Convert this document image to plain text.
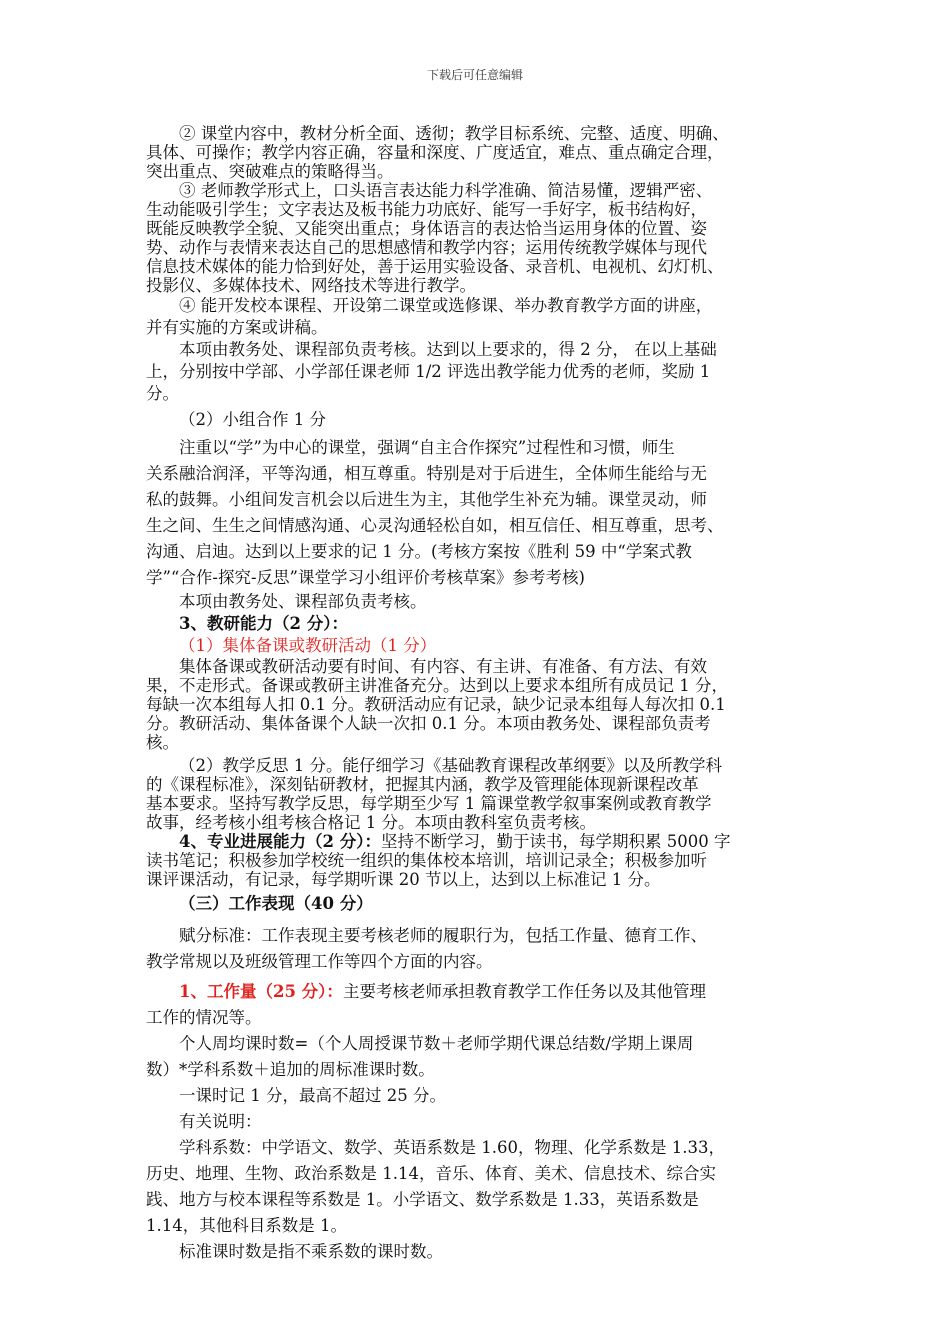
下载后可任意编辑
② 课堂内容中，教材分析全面、透彻；教学目标系统、完整、适度、明确、
具体、可操作；教学内容正确，容量和深度、广度适宜，难点、重点确定合理，
突出重点、突破难点的策略得当。
③ 老师教学形式上，口头语言表达能力科学准确、简洁易懂，逻辑严密、
生动能吸引学生；文字表达及板书能力功底好、能写一手好字，板书结构好，
既能反映教学全貌、又能突出重点；身体语言的表达恰当运用身体的位置、姿
势、动作与表情来表达自己的思想感情和教学内容；运用传统教学媒体与现代
信息技术媒体的能力恰到好处，善于运用实验设备、录音机、电视机、幻灯机、
投影仪、多媒体技术、网络技术等进行教学。
④ 能开发校本课程、开设第二课堂或选修课、举办教育教学方面的讲座，
并有实施的方案或讲稿。
本项由教务处、课程部负责考核。达到以上要求的，得 2 分， 在以上基础
上，分别按中学部、小学部任课老师 1/2 评选出教学能力优秀的老师，奖励 1
分。
（2）小组合作 1 分
注重以“学”为中心的课堂，强调“自主合作探究”过程性和习惯，师生
关系融洽润泽，平等沟通，相互尊重。特别是对于后进生，全体师生能给与无
私的鼓舞。小组间发言机会以后进生为主，其他学生补充为辅。课堂灵动，师
生之间、生生之间情感沟通、心灵沟通轻松自如，相互信任、相互尊重，思考、
沟通、启迪。达到以上要求的记 1 分。(考核方案按《胜利 59 中“学案式教
学”“合作-探究-反思”课堂学习小组评价考核草案》参考考核)
本项由教务处、课程部负责考核。
3、教研能力（2 分）：
（1）集体备课或教研活动（1 分）
集体备课或教研活动要有时间、有内容、有主讲、有准备、有方法、有效
果，不走形式。备课或教研主讲准备充分。达到以上要求本组所有成员记 1 分，
每缺一次本组每人扣 0.1 分。教研活动应有记录，缺少记录本组每人每次扣 0.1
分。教研活动、集体备课个人缺一次扣 0.1 分。本项由教务处、课程部负责考
核。
（2）教学反思 1 分。能仔细学习《基础教育课程改革纲要》以及所教学科
的《课程标准》，深刻钻研教材，把握其内涵，教学及管理能体现新课程改革
基本要求。坚持写教学反思，每学期至少写 1 篇课堂教学叙事案例或教育教学
故事，经考核小组考核合格记 1 分。本项由教科室负责考核。
4、专业进展能力（2 分）：坚持不断学习，勤于读书，每学期积累 5000 字
读书笔记；积极参加学校统一组织的集体校本培训，培训记录全；积极参加听
课评课活动，有记录，每学期听课 20 节以上，达到以上标准记 1 分。
（三）工作表现（40 分）
赋分标准：工作表现主要考核老师的履职行为，包括工作量、德育工作、
教学常规以及班级管理工作等四个方面的内容。
1、工作量（25 分）：主要考核老师承担教育教学工作任务以及其他管理
工作的情况等。
个人周均课时数=（个人周授课节数＋老师学期代课总结数/学期上课周
数）*学科系数＋追加的周标准课时数。
一课时记 1 分，最高不超过 25 分。
有关说明：
学科系数：中学语文、数学、英语系数是 1.60，物理、化学系数是 1.33，
历史、地理、生物、政治系数是 1.14，音乐、体育、美术、信息技术、综合实
践、地方与校本课程等系数是 1。小学语文、数学系数是 1.33，英语系数是
1.14，其他科目系数是 1。
标准课时数是指不乘系数的课时数。
